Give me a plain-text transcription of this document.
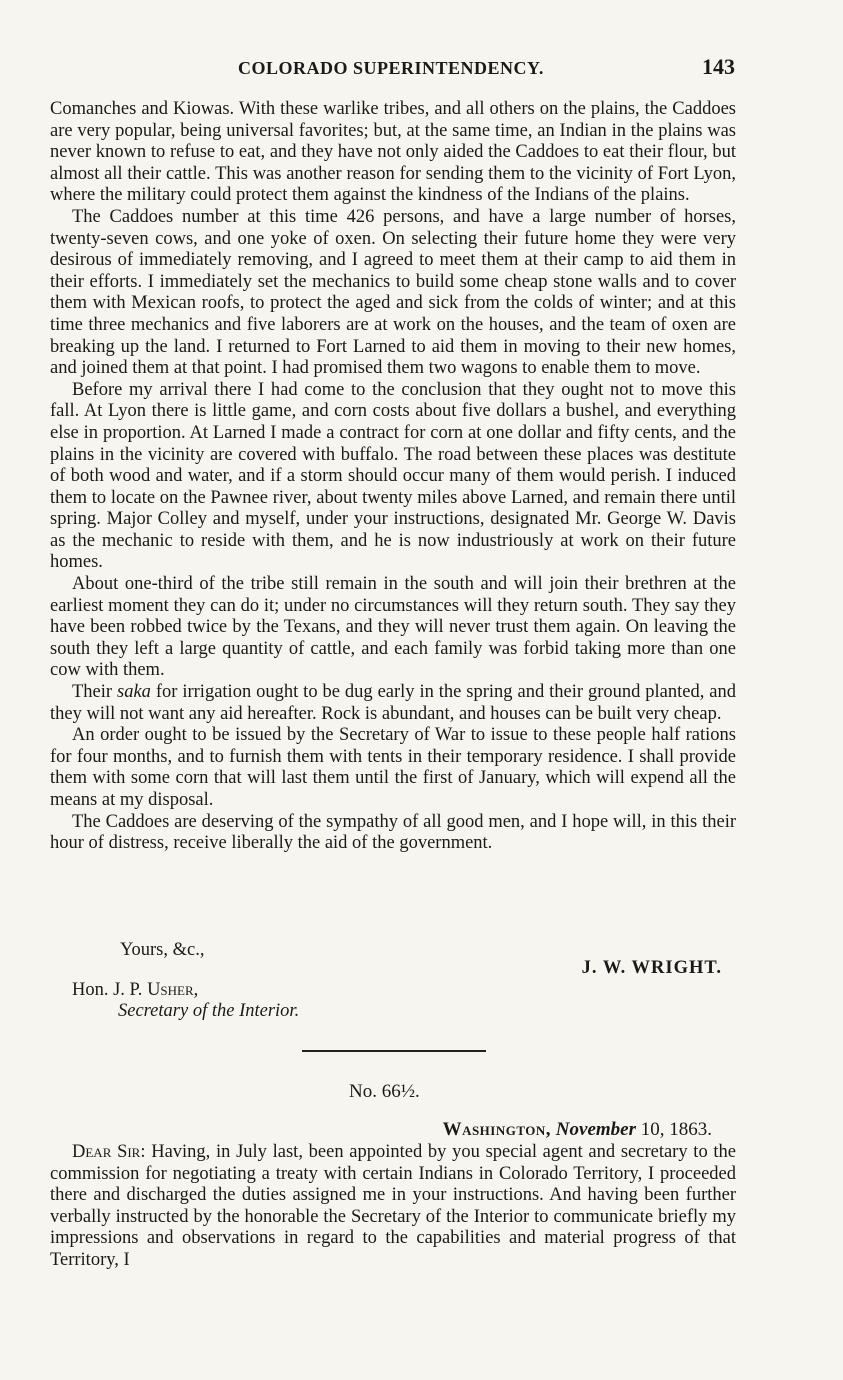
COLORADO SUPERINTENDENCY.	143

Comanches and Kiowas. With these warlike tribes, and all others on the plains, the Caddoes are very popular, being universal favorites; but, at the same time, an Indian in the plains was never known to refuse to eat, and they have not only aided the Caddoes to eat their flour, but almost all their cattle. This was another reason for sending them to the vicinity of Fort Lyon, where the military could protect them against the kindness of the Indians of the plains.

The Caddoes number at this time 426 persons, and have a large number of horses, twenty-seven cows, and one yoke of oxen. On selecting their future home they were very desirous of immediately removing, and I agreed to meet them at their camp to aid them in their efforts. I immediately set the mechanics to build some cheap stone walls and to cover them with Mexican roofs, to protect the aged and sick from the colds of winter; and at this time three mechanics and five laborers are at work on the houses, and the team of oxen are breaking up the land. I returned to Fort Larned to aid them in moving to their new homes, and joined them at that point. I had promised them two wagons to enable them to move.

Before my arrival there I had come to the conclusion that they ought not to move this fall. At Lyon there is little game, and corn costs about five dollars a bushel, and everything else in proportion. At Larned I made a contract for corn at one dollar and fifty cents, and the plains in the vicinity are covered with buffalo. The road between these places was destitute of both wood and water, and if a storm should occur many of them would perish. I induced them to locate on the Pawnee river, about twenty miles above Larned, and remain there until spring. Major Colley and myself, under your instructions, designated Mr. George W. Davis as the mechanic to reside with them, and he is now industriously at work on their future homes.

About one-third of the tribe still remain in the south and will join their brethren at the earliest moment they can do it; under no circumstances will they return south. They say they have been robbed twice by the Texans, and they will never trust them again. On leaving the south they left a large quantity of cattle, and each family was forbid taking more than one cow with them.

Their saka for irrigation ought to be dug early in the spring and their ground planted, and they will not want any aid hereafter. Rock is abundant, and houses can be built very cheap.

An order ought to be issued by the Secretary of War to issue to these people half rations for four months, and to furnish them with tents in their temporary residence. I shall provide them with some corn that will last them until the first of January, which will expend all the means at my disposal.

The Caddoes are deserving of the sympathy of all good men, and I hope will, in this their hour of distress, receive liberally the aid of the government.

Yours, &c.,
J. W. WRIGHT.
Hon. J. P. Usher,
Secretary of the Interior.
No. 66½.
Washington, November 10, 1863.

Dear Sir: Having, in July last, been appointed by you special agent and secretary to the commission for negotiating a treaty with certain Indians in Colorado Territory, I proceeded there and discharged the duties assigned me in your instructions. And having been further verbally instructed by the honorable the Secretary of the Interior to communicate briefly my impressions and observations in regard to the capabilities and material progress of that Territory, I
